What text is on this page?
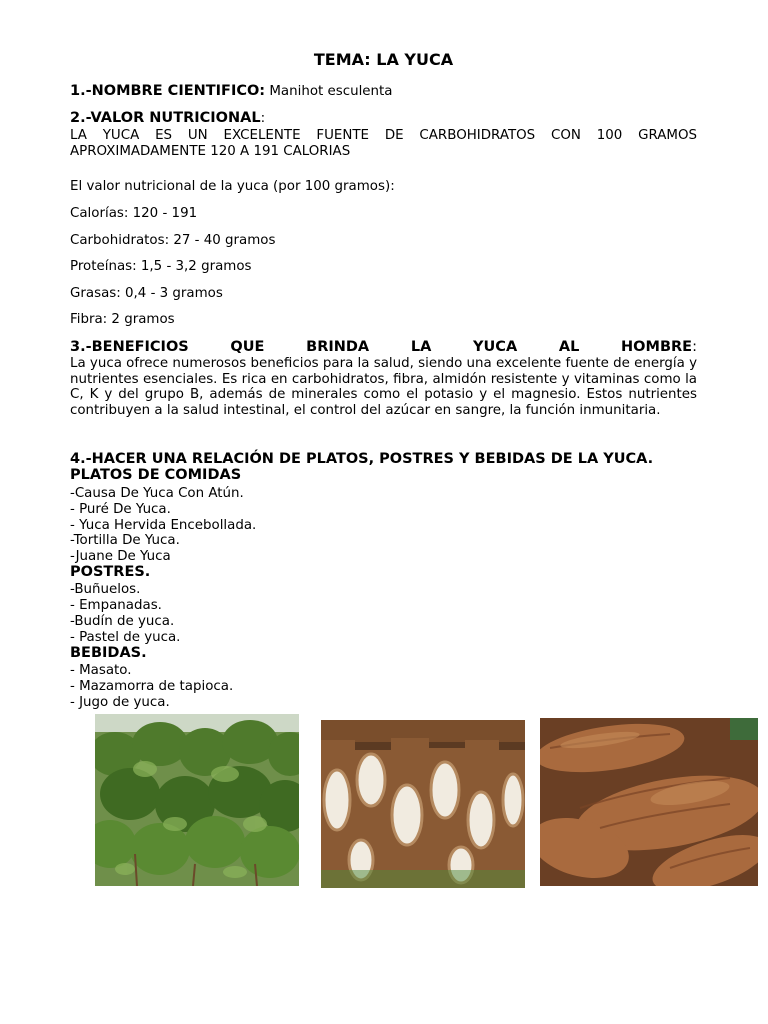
TEMA: LA YUCA
1.-NOMBRE CIENTIFICO: Manihot esculenta
2.-VALOR NUTRICIONAL:
LA YUCA ES UN EXCELENTE FUENTE DE CARBOHIDRATOS CON 100 GRAMOS APROXIMADAMENTE 120 A 191 CALORIAS
El valor nutricional de la yuca (por 100 gramos):
Calorías: 120 - 191
Carbohidratos: 27 - 40 gramos
Proteínas: 1,5 - 3,2 gramos
Grasas: 0,4 - 3 gramos
Fibra: 2 gramos
3.-BENEFICIOS	QUE	BRINDA	LA	YUCA	AL	HOMBRE:
La yuca ofrece numerosos beneficios para la salud, siendo una excelente fuente de energía y nutrientes esenciales. Es rica en carbohidratos, fibra, almidón resistente y vitaminas como la C, K y del grupo B, además de minerales como el potasio y el magnesio. Estos nutrientes contribuyen a la salud intestinal, el control del azúcar en sangre, la función inmunitaria.
4.-HACER UNA RELACIÓN DE PLATOS, POSTRES Y BEBIDAS DE LA YUCA.
PLATOS DE COMIDAS
-Causa De Yuca Con Atún.
- Puré De Yuca.
- Yuca Hervida Encebollada.
-Tortilla De Yuca.
-Juane De Yuca
POSTRES.
-Buñuelos.
- Empanadas.
-Budín de yuca.
- Pastel de yuca.
BEBIDAS.
- Masato.
- Mazamorra de tapioca.
- Jugo de yuca.
